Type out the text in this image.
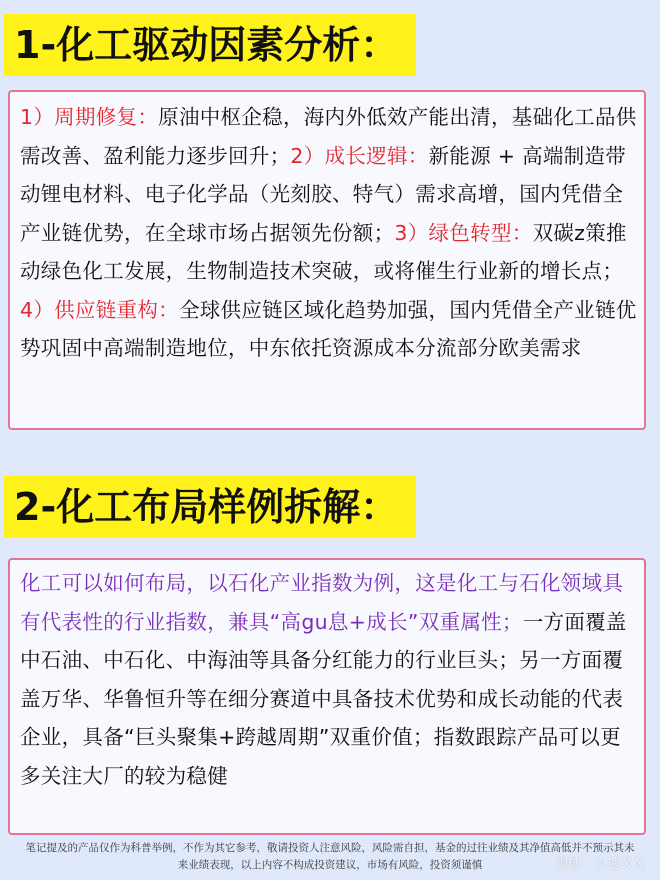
1-化工驱动因素分析：

1）周期修复：原油中枢企稳，海内外低效产能出清，基础化工品供需改善、盈利能力逐步回升；2）成长逻辑：新能源 + 高端制造带动锂电材料、电子化学品（光刻胶、特气）需求高增，国内凭借全产业链优势，在全球市场占据领先份额；3）绿色转型：双碳z策推动绿色化工发展，生物制造技术突破，或将催生行业新的增长点；4）供应链重构：全球供应链区域化趋势加强，国内凭借全产业链优势巩固中高端制造地位，中东依托资源成本分流部分欧美需求

2-化工布局样例拆解：

化工可以如何布局，以石化产业指数为例，这是化工与石化领域具有代表性的行业指数，兼具“高gu息+成长”双重属性；一方面覆盖中石油、中石化、中海油等具备分红能力的行业巨头；另一方面覆盖万华、华鲁恒升等在细分赛道中具备技术优势和成长动能的代表企业，具备“巨头聚集+跨越周期”双重价值；指数跟踪产品可以更多关注大厂的较为稳健

笔记提及的产品仅作为科普举例，不作为其它参考，敬请投资人注意风险，风险需自担，基金的过往业绩及其净值高低并不预示其未
来业绩表现，以上内容不构成投资建议，市场有风险，投资须谨慎	雪球：人造ＸＸ
